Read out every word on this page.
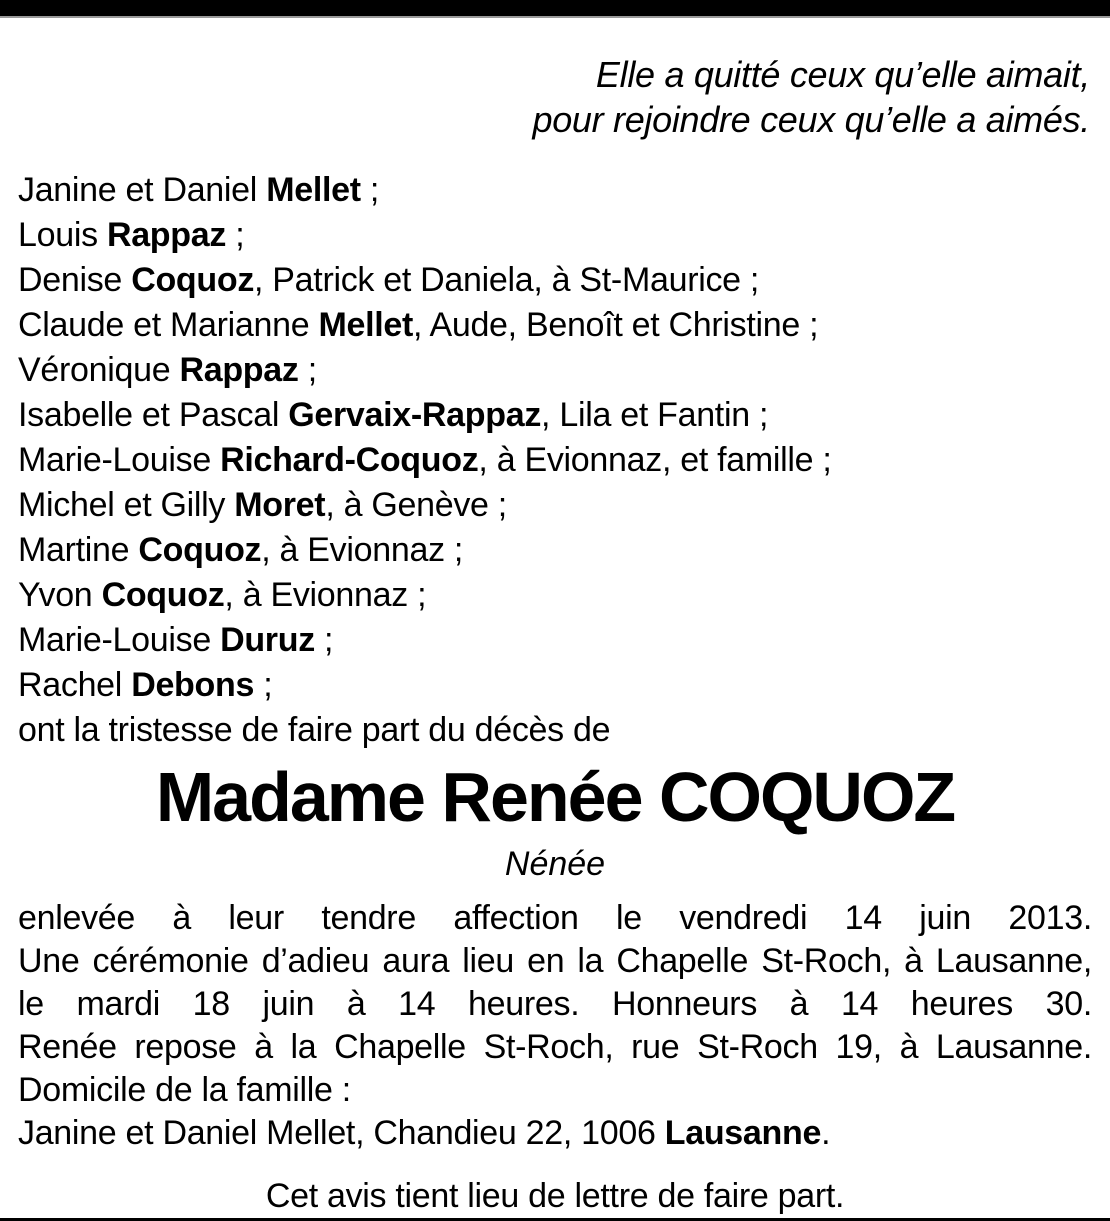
Elle a quitté ceux qu’elle aimait,
pour rejoindre ceux qu’elle a aimés.
Janine et Daniel Mellet ;
Louis Rappaz ;
Denise Coquoz, Patrick et Daniela, à St-Maurice ;
Claude et Marianne Mellet, Aude, Benoît et Christine ;
Véronique Rappaz ;
Isabelle et Pascal Gervaix-Rappaz, Lila et Fantin ;
Marie-Louise Richard-Coquoz, à Evionnaz, et famille ;
Michel et Gilly Moret, à Genève ;
Martine Coquoz, à Evionnaz ;
Yvon Coquoz, à Evionnaz ;
Marie-Louise Duruz ;
Rachel Debons ;
ont la tristesse de faire part du décès de
Madame Renée COQUOZ
Nénée
enlevée à leur tendre affection le vendredi 14 juin 2013.
Une cérémonie d’adieu aura lieu en la Chapelle St-Roch, à Lausanne,
le mardi 18 juin à 14 heures. Honneurs à 14 heures 30.
Renée repose à la Chapelle St-Roch, rue St-Roch 19, à Lausanne.
Domicile de la famille :
Janine et Daniel Mellet, Chandieu 22, 1006 Lausanne.
Cet avis tient lieu de lettre de faire part.
